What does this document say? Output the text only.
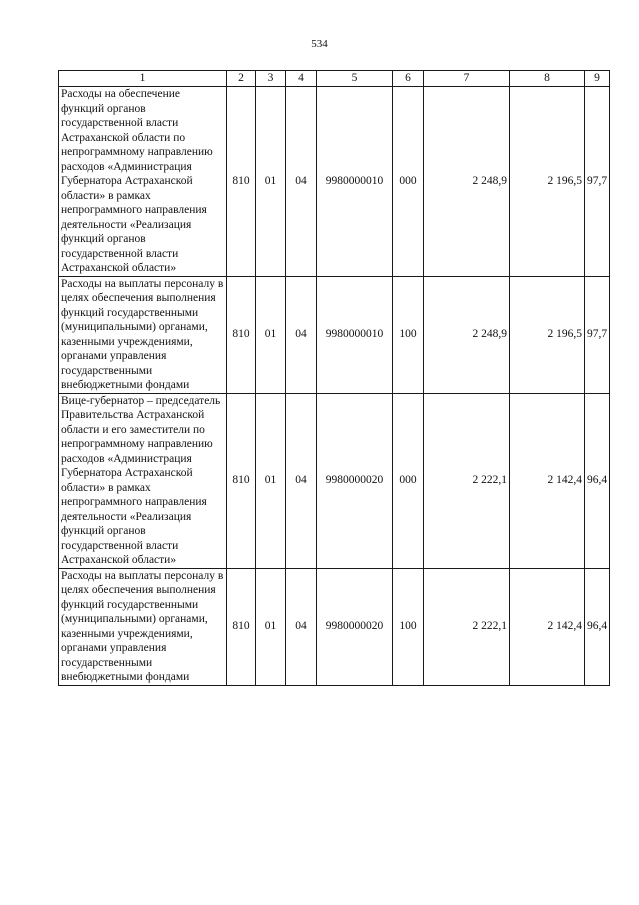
534
1	2	3	4	5	6	7	8	9
Расходы на обеспечение функций органов государственной власти Астраханской области по непрограммному направлению расходов «Администрация Губернатора Астраханской области» в рамках непрограммного направления деятельности «Реализация функций органов государственной власти Астраханской области»	810	01	04	9980000010	000	2 248,9	2 196,5	97,7
Расходы на выплаты персоналу в целях обеспечения выполнения функций государственными (муниципальными) органами, казенными учреждениями, органами управления государственными внебюджетными фондами	810	01	04	9980000010	100	2 248,9	2 196,5	97,7
Вице-губернатор – председатель Правительства Астраханской области и его заместители по непрограммному направлению расходов «Администрация Губернатора Астраханской области» в рамках непрограммного направления деятельности «Реализация функций органов государственной власти Астраханской области»	810	01	04	9980000020	000	2 222,1	2 142,4	96,4
Расходы на выплаты персоналу в целях обеспечения выполнения функций государственными (муниципальными) органами, казенными учреждениями, органами управления государственными внебюджетными фондами	810	01	04	9980000020	100	2 222,1	2 142,4	96,4
